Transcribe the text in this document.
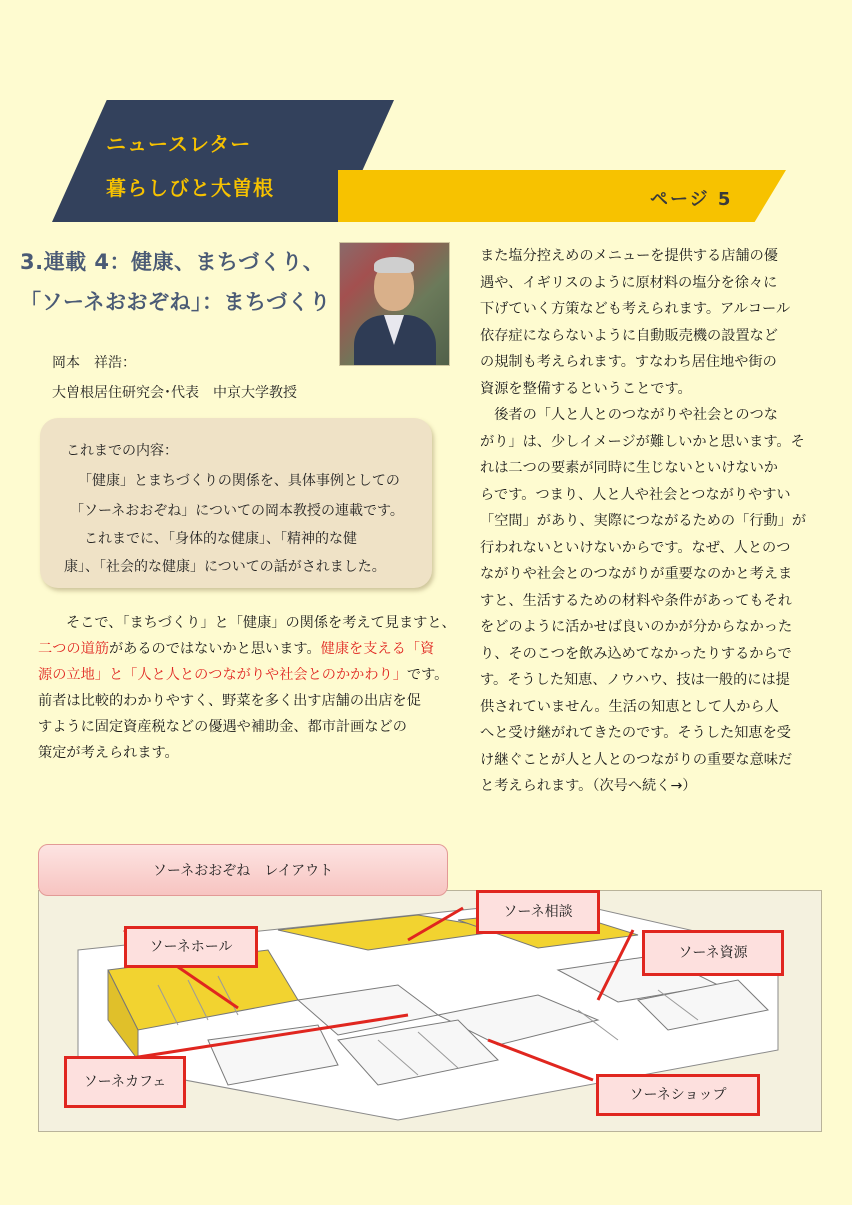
ニュースレター
暮らしびと大曽根	ページ 5
3.連載 4：健康、まちづくり、
「ソーネおおぞね」：まちづくり
岡本　祥浩：
大曽根居住研究会･代表　中京大学教授
これまでの内容：
「健康」とまちづくりの関係を、具体事例としての
「ソーネおおぞね」についての岡本教授の連載です。
これまでに、「身体的な健康」、「精神的な健
康」、「社会的な健康」についての話がされました。
そこで、「まちづくり」と「健康」の関係を考えて見ますと、
二つの道筋があるのではないかと思います。健康を支える「資
源の立地」と「人と人とのつながりや社会とのかかわり」です。
前者は比較的わかりやすく、野菜を多く出す店舗の出店を促
すように固定資産税などの優遇や補助金、都市計画などの
策定が考えられます。
また塩分控えめのメニューを提供する店舗の優
遇や、イギリスのように原材料の塩分を徐々に
下げていく方策なども考えられます。アルコール
依存症にならないように自動販売機の設置など
の規制も考えられます。すなわち居住地や街の
資源を整備するということです。
　後者の「人と人とのつながりや社会とのつな
がり」は、少しイメージが難しいかと思います。そ
れは二つの要素が同時に生じないといけないか
らです。つまり、人と人や社会とつながりやすい
「空間」があり、実際につながるための「行動」が
行われないといけないからです。なぜ、人とのつ
ながりや社会とのつながりが重要なのかと考えま
すと、生活するための材料や条件があってもそれ
をどのように活かせば良いのかが分からなかった
り、そのこつを飲み込めてなかったりするからで
す。そうした知恵、ノウハウ、技は一般的には提
供されていません。生活の知恵として人から人
へと受け継がれてきたのです。そうした知恵を受
け継ぐことが人と人とのつながりの重要な意味だ
と考えられます。（次号へ続く→）
ソーネおおぞね　レイアウト
ソーネホール
ソーネ相談
ソーネ資源
ソーネカフェ
ソーネショップ
